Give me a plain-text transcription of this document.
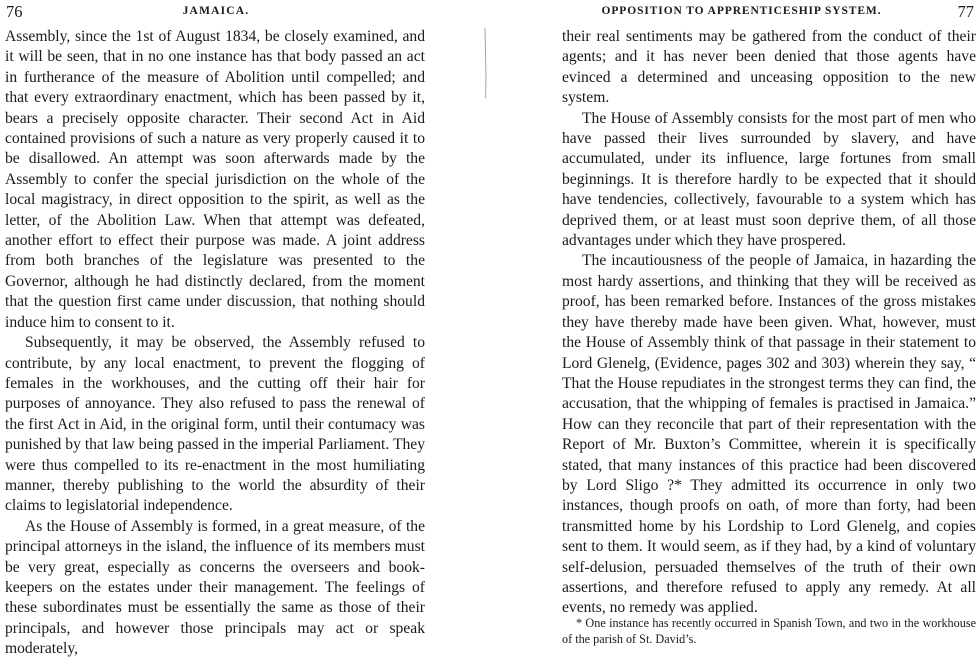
76	JAMAICA.

Assembly, since the 1st of August 1834, be closely examined, and it will be seen, that in no one instance has that body passed an act in furtherance of the measure of Abolition until compelled; and that every extraordinary enactment, which has been passed by it, bears a precisely opposite character. Their second Act in Aid contained provisions of such a nature as very properly caused it to be disallowed. An attempt was soon afterwards made by the Assembly to confer the special jurisdiction on the whole of the local magistracy, in direct opposition to the spirit, as well as the letter, of the Abolition Law. When that attempt was defeated, another effort to effect their purpose was made. A joint address from both branches of the legislature was presented to the Governor, although he had distinctly declared, from the moment that the question first came under discussion, that nothing should induce him to consent to it.

Subsequently, it may be observed, the Assembly refused to contribute, by any local enactment, to prevent the flogging of females in the workhouses, and the cutting off their hair for purposes of annoyance. They also refused to pass the renewal of the first Act in Aid, in the original form, until their contumacy was punished by that law being passed in the imperial Parliament. They were thus compelled to its re-enactment in the most humiliating manner, thereby publishing to the world the absurdity of their claims to legislatorial independence.

As the House of Assembly is formed, in a great measure, of the principal attorneys in the island, the influence of its members must be very great, especially as concerns the overseers and book-keepers on the estates under their management. The feelings of these subordinates must be essentially the same as those of their principals, and however those principals may act or speak moderately,

OPPOSITION TO APPRENTICESHIP SYSTEM.	77

their real sentiments may be gathered from the conduct of their agents; and it has never been denied that those agents have evinced a determined and unceasing opposition to the new system.

The House of Assembly consists for the most part of men who have passed their lives surrounded by slavery, and have accumulated, under its influence, large fortunes from small beginnings. It is therefore hardly to be expected that it should have tendencies, collectively, favourable to a system which has deprived them, or at least must soon deprive them, of all those advantages under which they have prospered.

The incautiousness of the people of Jamaica, in hazarding the most hardy assertions, and thinking that they will be received as proof, has been remarked before. Instances of the gross mistakes they have thereby made have been given. What, however, must the House of Assembly think of that passage in their statement to Lord Glenelg, (Evidence, pages 302 and 303) wherein they say, “ That the House repudiates in the strongest terms they can find, the accusation, that the whipping of females is practised in Jamaica.” How can they reconcile that part of their representation with the Report of Mr. Buxton’s Committee, wherein it is specifically stated, that many instances of this practice had been discovered by Lord Sligo ?* They admitted its occurrence in only two instances, though proofs on oath, of more than forty, had been transmitted home by his Lordship to Lord Glenelg, and copies sent to them. It would seem, as if they had, by a kind of voluntary self-delusion, persuaded themselves of the truth of their own assertions, and therefore refused to apply any remedy. At all events, no remedy was applied.

* One instance has recently occurred in Spanish Town, and two in the workhouse of the parish of St. David’s.
